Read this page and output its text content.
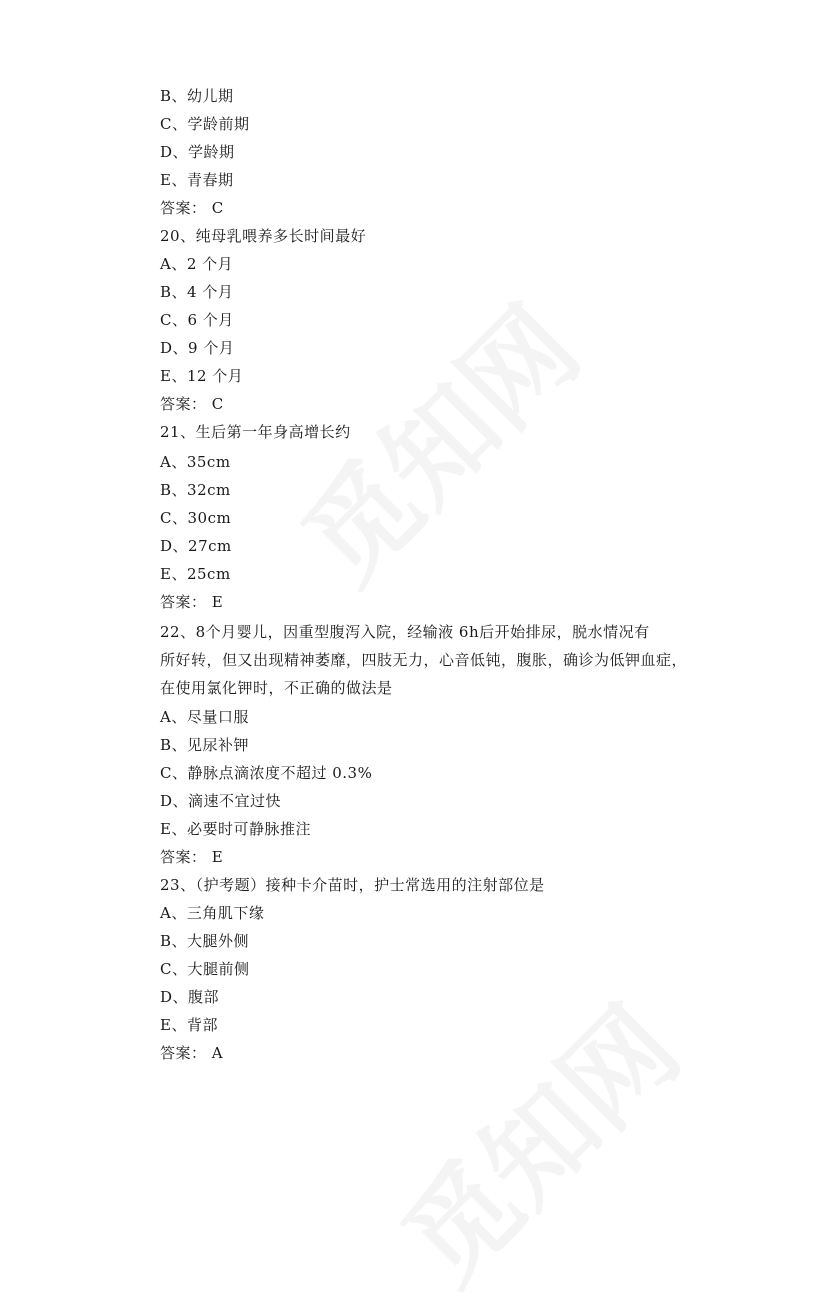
B、幼儿期
C、学龄前期
D、学龄期
E、青春期
答案： C
20、纯母乳喂养多长时间最好
A、2 个月
B、4 个月
C、6 个月
D、9 个月
E、12 个月
答案： C
21、生后第一年身高增长约
A、35cm
B、32cm
C、30cm
D、27cm
E、25cm
答案： E
22、8个月婴儿，因重型腹泻入院，经输液 6h后开始排尿，脱水情况有
所好转，但又出现精神萎靡，四肢无力，心音低钝，腹胀，确诊为低钾血症，
在使用氯化钾时，不正确的做法是
A、尽量口服
B、见尿补钾
C、静脉点滴浓度不超过 0.3%
D、滴速不宜过快
E、必要时可静脉推注
答案： E
23、（护考题）接种卡介苗时，护士常选用的注射部位是
A、三角肌下缘
B、大腿外侧
C、大腿前侧
D、腹部
E、背部
答案： A
